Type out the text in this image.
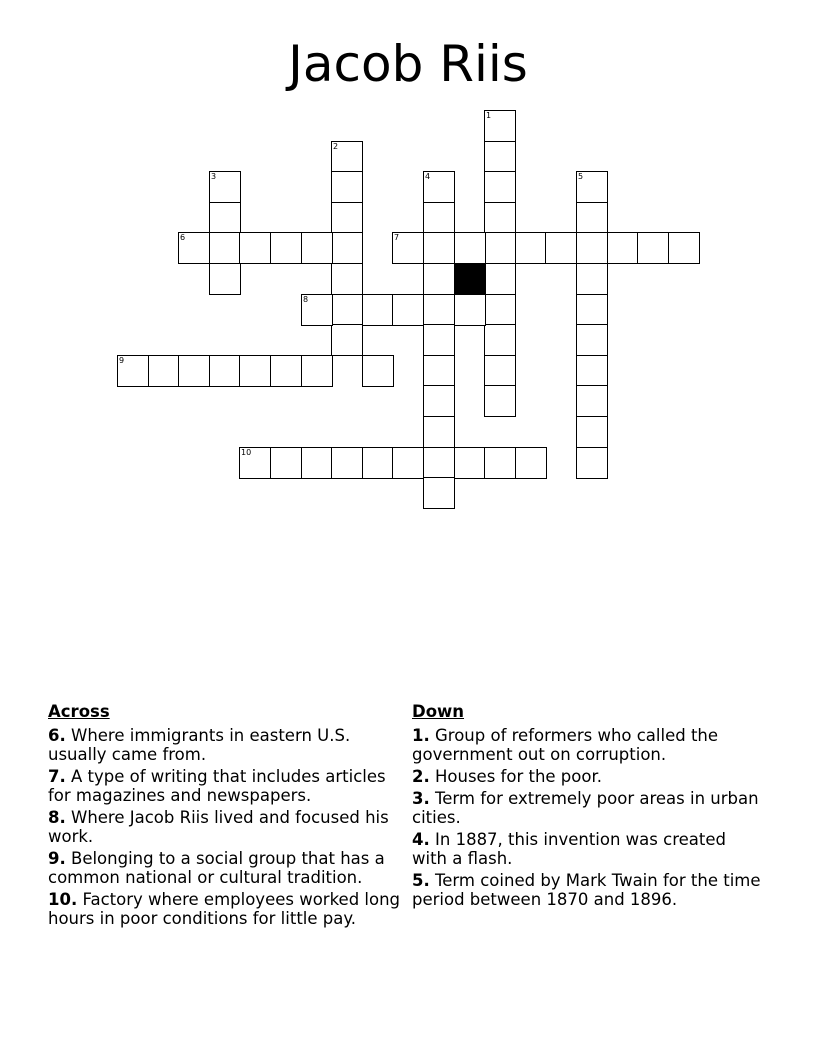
Jacob Riis
1
2
3	4	5
6	7
8
9
10
Across
6. Where immigrants in eastern U.S. usually came from.
7. A type of writing that includes articles for magazines and newspapers.
8. Where Jacob Riis lived and focused his work.
9. Belonging to a social group that has a common national or cultural tradition.
10. Factory where employees worked long hours in poor conditions for little pay.
Down
1. Group of reformers who called the government out on corruption.
2. Houses for the poor.
3. Term for extremely poor areas in urban cities.
4. In 1887, this invention was created with a flash.
5. Term coined by Mark Twain for the time period between 1870 and 1896.
